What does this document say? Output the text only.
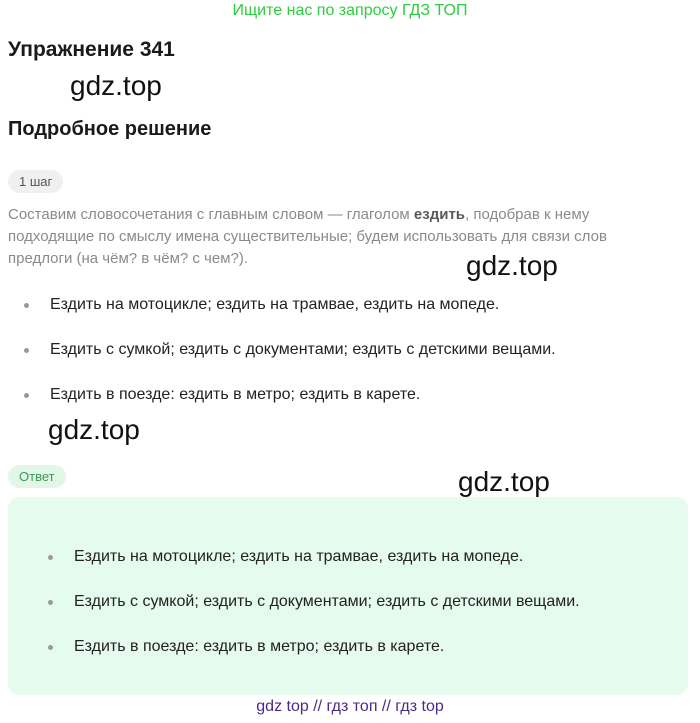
Ищите нас по запросу ГДЗ ТОП
Упражнение 341
gdz.top
Подробное решение
1 шаг
Составим словосочетания с главным словом — глаголом ездить, подобрав к нему подходящие по смыслу имена существительные; будем использовать для связи слов предлоги (на чём? в чём? с чем?).	gdz.top
Ездить на мотоцикле; ездить на трамвае, ездить на мопеде.
Ездить с сумкой; ездить с документами; ездить с детскими вещами.
Ездить в поезде: ездить в метро; ездить в карете.
gdz.top
Ответ	gdz.top
Ездить на мотоцикле; ездить на трамвае, ездить на мопеде.
Ездить с сумкой; ездить с документами; ездить с детскими вещами.
Ездить в поезде: ездить в метро; ездить в карете.
gdz top // гдз топ // гдз top
